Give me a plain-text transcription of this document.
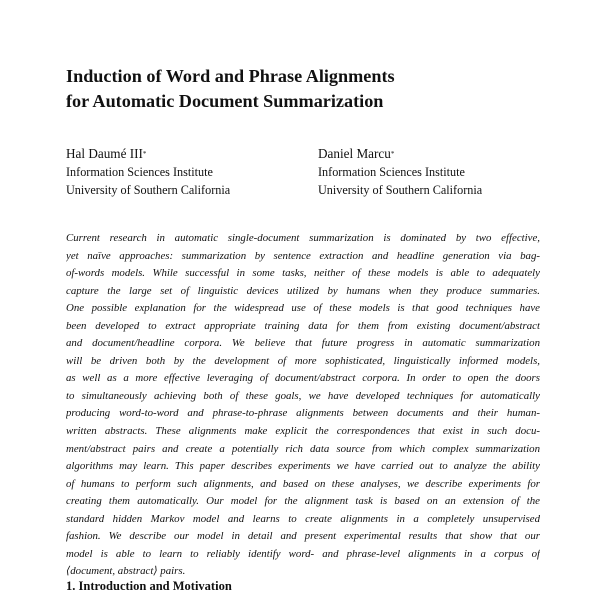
Induction of Word and Phrase Alignments
for Automatic Document Summarization
Hal Daumé III*
Information Sciences Institute
University of Southern California
Daniel Marcu*
Information Sciences Institute
University of Southern California
Current research in automatic single-document summarization is dominated by two effective,
yet naïve approaches: summarization by sentence extraction and headline generation via bag-
of-words models. While successful in some tasks, neither of these models is able to adequately
capture the large set of linguistic devices utilized by humans when they produce summaries.
One possible explanation for the widespread use of these models is that good techniques have
been developed to extract appropriate training data for them from existing document/abstract
and document/headline corpora. We believe that future progress in automatic summarization
will be driven both by the development of more sophisticated, linguistically informed models,
as well as a more effective leveraging of document/abstract corpora. In order to open the doors
to simultaneously achieving both of these goals, we have developed techniques for automatically
producing word-to-word and phrase-to-phrase alignments between documents and their human-
written abstracts. These alignments make explicit the correspondences that exist in such docu-
ment/abstract pairs and create a potentially rich data source from which complex summarization
algorithms may learn. This paper describes experiments we have carried out to analyze the ability
of humans to perform such alignments, and based on these analyses, we describe experiments for
creating them automatically. Our model for the alignment task is based on an extension of the
standard hidden Markov model and learns to create alignments in a completely unsupervised
fashion. We describe our model in detail and present experimental results that show that our
model is able to learn to reliably identify word- and phrase-level alignments in a corpus of
⟨document, abstract⟩ pairs.
1. Introduction and Motivation
